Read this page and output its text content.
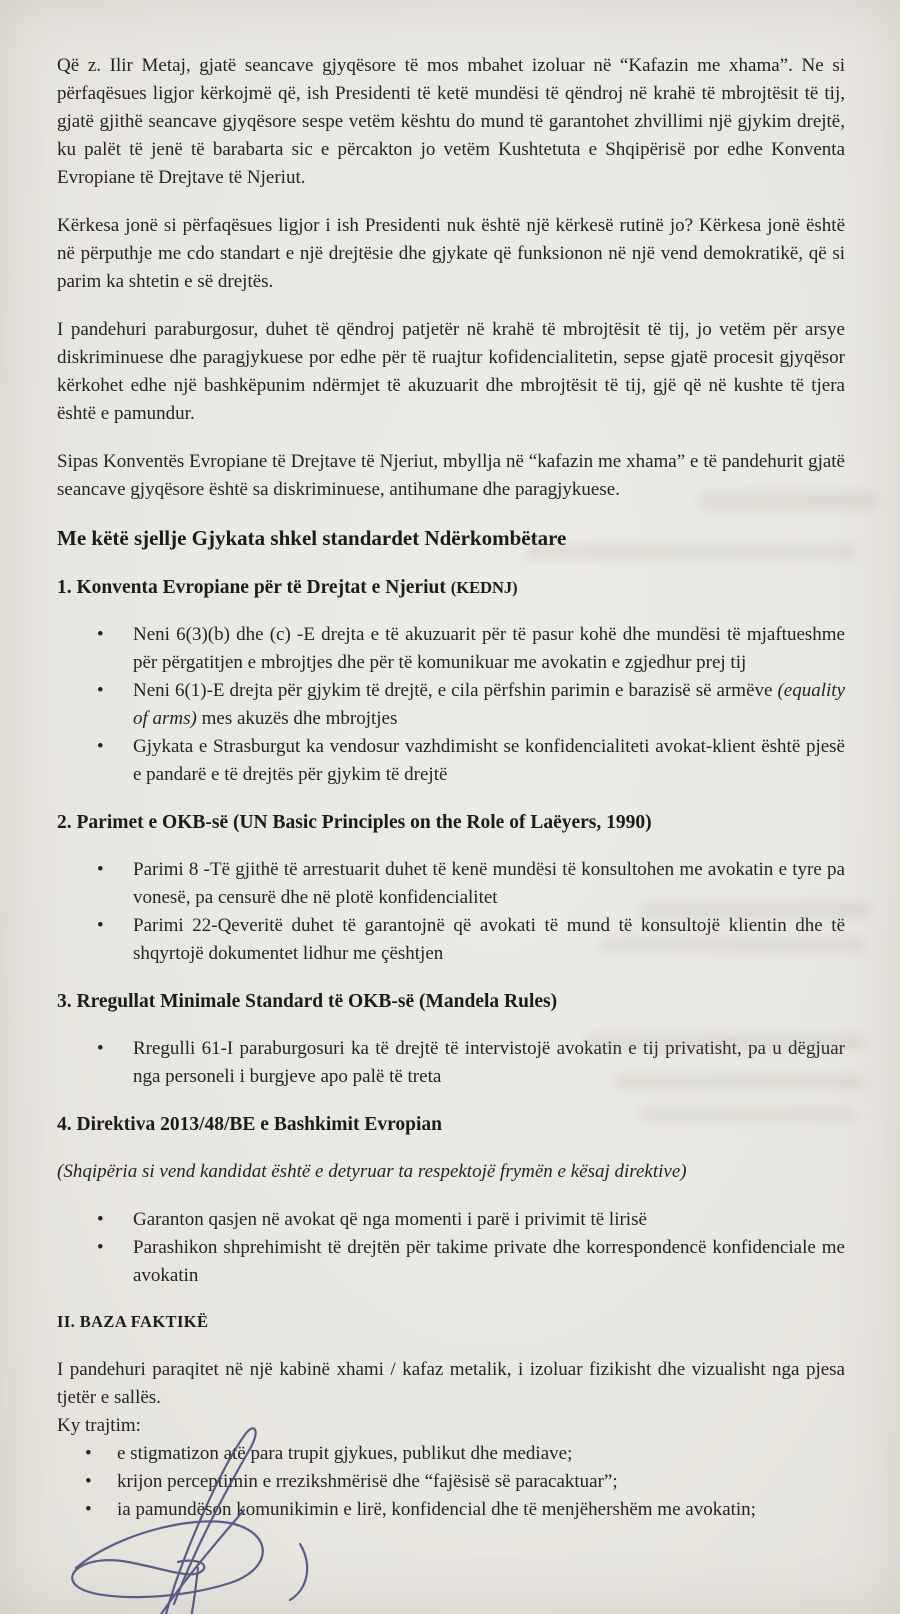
Që z. Ilir Metaj, gjatë seancave gjyqësore të mos mbahet izoluar në “Kafazin me xhama”. Ne si përfaqësues ligjor kërkojmë që, ish Presidenti të ketë mundësi të qëndroj në krahë të mbrojtësit të tij, gjatë gjithë seancave gjyqësore sespe vetëm kështu do mund të garantohet zhvillimi një gjykim drejtë, ku palët të jenë të barabarta sic e përcakton jo vetëm Kushtetuta e Shqipërisë por edhe Konventa Evropiane të Drejtave të Njeriut.

Kërkesa jonë si përfaqësues ligjor i ish Presidenti nuk është një kërkesë rutinë jo? Kërkesa jonë është në përputhje me cdo standart e një drejtësie dhe gjykate që funksionon në një vend demokratikë, që si parim ka shtetin e së drejtës.

I pandehuri paraburgosur, duhet të qëndroj patjetër në krahë të mbrojtësit të tij, jo vetëm për arsye diskriminuese dhe paragjykuese por edhe për të ruajtur kofidencialitetin, sepse gjatë procesit gjyqësor kërkohet edhe një bashkëpunim ndërmjet të akuzuarit dhe mbrojtësit të tij, gjë që në kushte të tjera është e pamundur.

Sipas Konventës Evropiane të Drejtave të Njeriut, mbyllja në “kafazin me xhama” e të pandehurit gjatë seancave gjyqësore është sa diskriminuese, antihumane dhe paragjykuese.

Me këtë sjellje Gjykata shkel standardet Ndërkombëtare
1. Konventa Evropiane për të Drejtat e Njeriut (KEDNJ)
• Neni 6(3)(b) dhe (c) -E drejta e të akuzuarit për të pasur kohë dhe mundësi të mjaftueshme për përgatitjen e mbrojtjes dhe për të komunikuar me avokatin e zgjedhur prej tij
• Neni 6(1)-E drejta për gjykim të drejtë, e cila përfshin parimin e barazisë së armëve (equality of arms) mes akuzës dhe mbrojtjes
• Gjykata e Strasburgut ka vendosur vazhdimisht se konfidencialiteti avokat-klient është pjesë e pandarë e të drejtës për gjykim të drejtë
2. Parimet e OKB-së (UN Basic Principles on the Role of Laëyers, 1990)
• Parimi 8 -Të gjithë të arrestuarit duhet të kenë mundësi të konsultohen me avokatin e tyre pa vonesë, pa censurë dhe në plotë konfidencialitet
• Parimi 22-Qeveritë duhet të garantojnë që avokati të mund të konsultojë klientin dhe të shqyrtojë dokumentet lidhur me çështjen
3. Rregullat Minimale Standard të OKB-së (Mandela Rules)
• Rregulli 61-I paraburgosuri ka të drejtë të intervistojë avokatin e tij privatisht, pa u dëgjuar nga personeli i burgjeve apo palë të treta
4. Direktiva 2013/48/BE e Bashkimit Evropian

(Shqipëria si vend kandidat është e detyruar ta respektojë frymën e kësaj direktive)

• Garanton qasjen në avokat që nga momenti i parë i privimit të lirisë
• Parashikon shprehimisht të drejtën për takime private dhe korrespondencë konfidenciale me avokatin
II. BAZA FAKTIKË

I pandehuri paraqitet në një kabinë xhami / kafaz metalik, i izoluar fizikisht dhe vizualisht nga pjesa tjetër e sallës.

Ky trajtim:

• e stigmatizon atë para trupit gjykues, publikut dhe mediave;
• krijon perceptimin e rrezikshmërisë dhe “fajësisë së paracaktuar”;
• ia pamundëson komunikimin e lirë, konfidencial dhe të menjëhershëm me avokatin;
